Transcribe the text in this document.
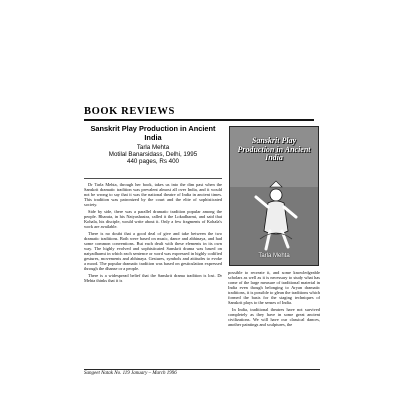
BOOK REVIEWS
Sanskrit Play Production in Ancient India
Tarla Mehta
Motilal Banarsidass, Delhi, 1995
440 pages, Rs 400

Dr Tarla Mehta, through her book, takes us into the dim past when the Sanskrit dramatic tradition was prevalent almost all over India, and it would not be wrong to say that it was the national theatre of India in ancient times. This tradition was patronized by the court and the elite of sophisticated society.

Side by side, there was a parallel dramatic tradition popular among the people. Bharata, in his Natyashastra, called it the Lokadharmi, and said that Kohala, his disciple, would write about it. Only a few fragments of Kohala's work are available.

There is no doubt that a good deal of give and take between the two dramatic traditions. Both were based on music, dance and abhinaya, and had some common conventions. But each dealt with these elements in its own way. The highly evolved and sophisticated Sanskrit drama was based on natyadharmi in which each sentence or word was expressed in highly codified gestures, movements and abhinaya. Gestures, symbols and attitudes to evoke a mood. The popular dramatic tradition was based on gesticulation expressed through the dhanse or a people.

There is a widespread belief that the Sanskrit drama tradition is lost. Dr Mehta thinks that it is

Sanskrit Play Production in Ancient India
Tarla Mehta

possible to recreate it, and some knowledgeable scholars as well as it is necessary to study what has come of the large measure of traditional material in India even though belonging to Aryan dramatic traditions, it is possible to glean the traditions which formed the basis for the staging techniques of Sanskrit plays to the senses of India.

In India, traditional theatres have not survived completely as they have in some great ancient civilizations. We will have our classical dances, another paintings and sculptures, the

Sangeet Natak No. 119 January – March 1996
